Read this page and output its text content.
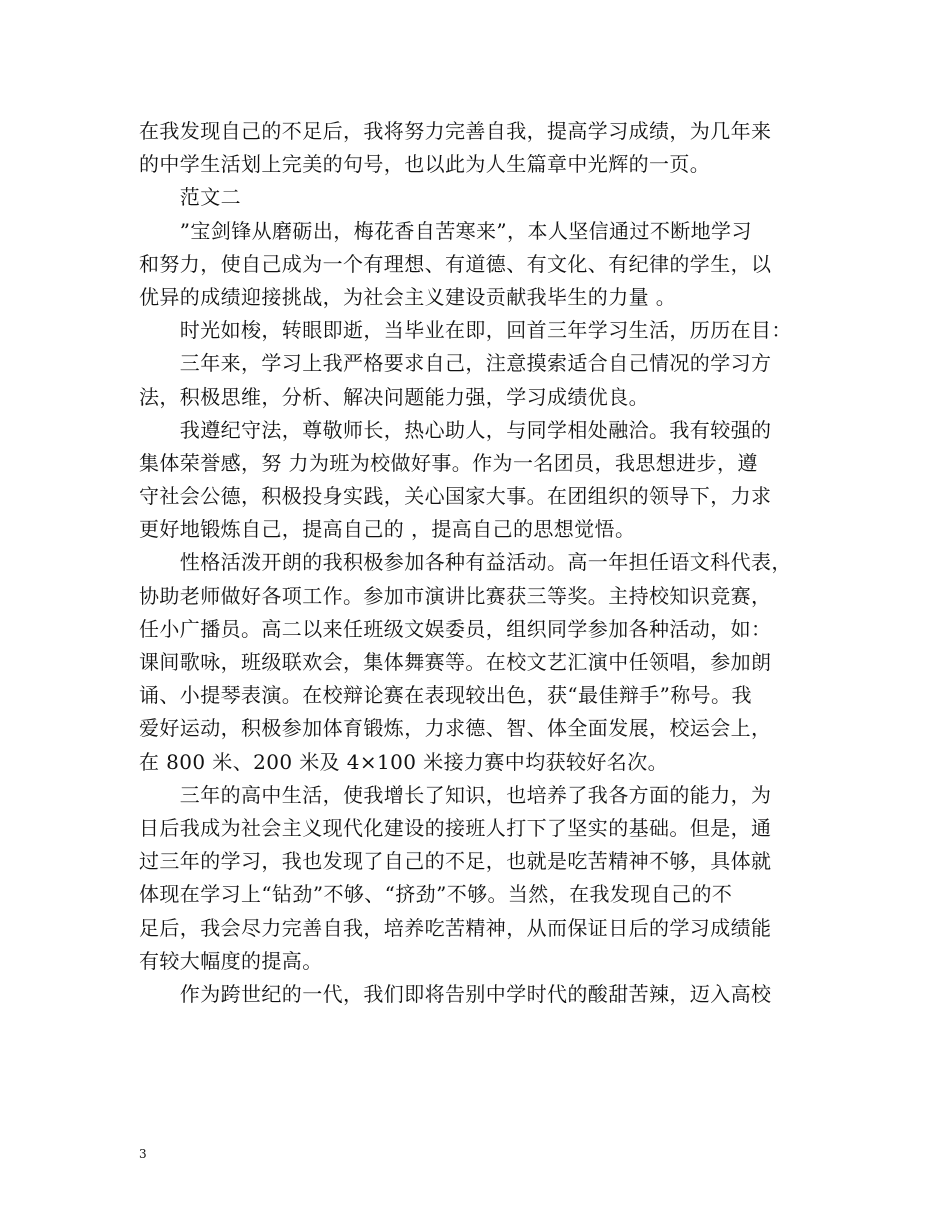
在我发现自己的不足后，我将努力完善自我，提高学习成绩，为几年来
的中学生活划上完美的句号，也以此为人生篇章中光辉的一页。
　　范文二
　　”宝剑锋从磨砺出，梅花香自苦寒来”，本人坚信通过不断地学习
和努力，使自己成为一个有理想、有道德、有文化、有纪律的学生，以
优异的成绩迎接挑战，为社会主义建设贡献我毕生的力量 。
　　时光如梭，转眼即逝，当毕业在即，回首三年学习生活，历历在目：
　　三年来，学习上我严格要求自己，注意摸索适合自己情况的学习方
法，积极思维，分析、解决问题能力强，学习成绩优良。
　　我遵纪守法，尊敬师长，热心助人，与同学相处融洽。我有较强的
集体荣誉感，努 力为班为校做好事。作为一名团员，我思想进步，遵
守社会公德，积极投身实践，关心国家大事。在团组织的领导下，力求
更好地锻炼自己，提高自己的 ，提高自己的思想觉悟。
　　性格活泼开朗的我积极参加各种有益活动。高一年担任语文科代表，
协助老师做好各项工作。参加市演讲比赛获三等奖。主持校知识竞赛，
任小广播员。高二以来任班级文娱委员，组织同学参加各种活动，如：
课间歌咏，班级联欢会，集体舞赛等。在校文艺汇演中任领唱，参加朗
诵、小提琴表演。在校辩论赛在表现较出色，获“最佳辩手”称号。我
爱好运动，积极参加体育锻炼，力求德、智、体全面发展，校运会上，
在 800 米、200 米及 4×100 米接力赛中均获较好名次。
　　三年的高中生活，使我增长了知识，也培养了我各方面的能力，为
日后我成为社会主义现代化建设的接班人打下了坚实的基础。但是，通
过三年的学习，我也发现了自己的不足，也就是吃苦精神不够，具体就
体现在学习上“钻劲”不够、“挤劲”不够。当然，在我发现自己的不
足后，我会尽力完善自我，培养吃苦精神，从而保证日后的学习成绩能
有较大幅度的提高。
　　作为跨世纪的一代，我们即将告别中学时代的酸甜苦辣，迈入高校
3
